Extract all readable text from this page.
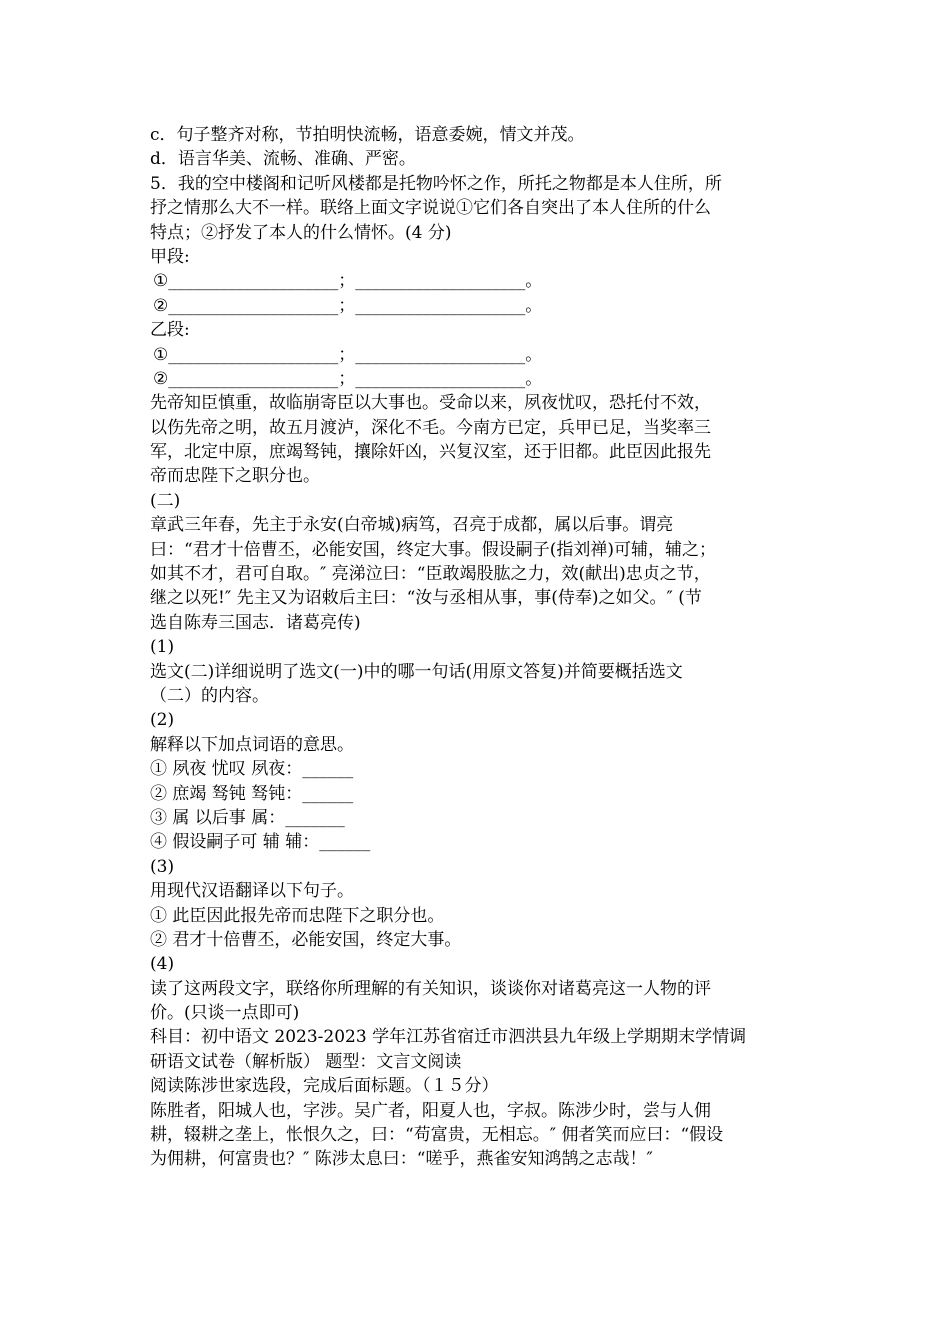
c．句子整齐对称，节拍明快流畅，语意委婉，情文并茂。
d．语言华美、流畅、准确、严密。
5．我的空中楼阁和记听风楼都是托物吟怀之作，所托之物都是本人住所，所
抒之情那么大不一样。联络上面文字说说①它们各自突出了本人住所的什么
特点；②抒发了本人的什么情怀。(4 分)
甲段:
①____________________；____________________。
②____________________；____________________。
乙段:
①____________________；____________________。
②____________________；____________________。
先帝知臣慎重，故临崩寄臣以大事也。受命以来，夙夜忧叹，恐托付不效，
以伤先帝之明，故五月渡泸，深化不毛。今南方已定，兵甲已足，当奖率三
军，北定中原，庶竭驽钝，攘除奸凶，兴复汉室，还于旧都。此臣因此报先
帝而忠陛下之职分也。
(二)
章武三年春，先主于永安(白帝城)病笃，召亮于成都，属以后事。谓亮
曰：“君才十倍曹丕，必能安国，终定大事。假设嗣子(指刘禅)可辅，辅之；
如其不才，君可自取。″ 亮涕泣曰：“臣敢竭股肱之力，效(献出)忠贞之节，
继之以死!″ 先主又为诏敕后主曰：“汝与丞相从事，事(侍奉)之如父。″ (节
选自陈寿三国志．诸葛亮传)
(1)
选文(二)详细说明了选文(一)中的哪一句话(用原文答复)并简要概括选文
（二）的内容。
(2)
解释以下加点词语的意思。
① 夙夜 忧叹 夙夜：______
② 庶竭 驽钝 驽钝：______
③ 属 以后事 属：_______
④ 假设嗣子可 辅 辅：______
(3)
用现代汉语翻译以下句子。
① 此臣因此报先帝而忠陛下之职分也。
② 君才十倍曹丕，必能安国，终定大事。
(4)
读了这两段文字，联络你所理解的有关知识，谈谈你对诸葛亮这一人物的评
价。(只谈一点即可)
科目：初中语文 2023-2023 学年江苏省宿迁市泗洪县九年级上学期期末学情调
研语文试卷（解析版） 题型：文言文阅读
阅读陈涉世家选段，完成后面标题。（１５分）
陈胜者，阳城人也，字涉。吴广者，阳夏人也，字叔。陈涉少时，尝与人佣
耕，辍耕之垄上，怅恨久之，曰：“苟富贵，无相忘。″ 佣者笑而应曰：“假设
为佣耕，何富贵也？″ 陈涉太息曰：“嗟乎，燕雀安知鸿鹄之志哉！″
